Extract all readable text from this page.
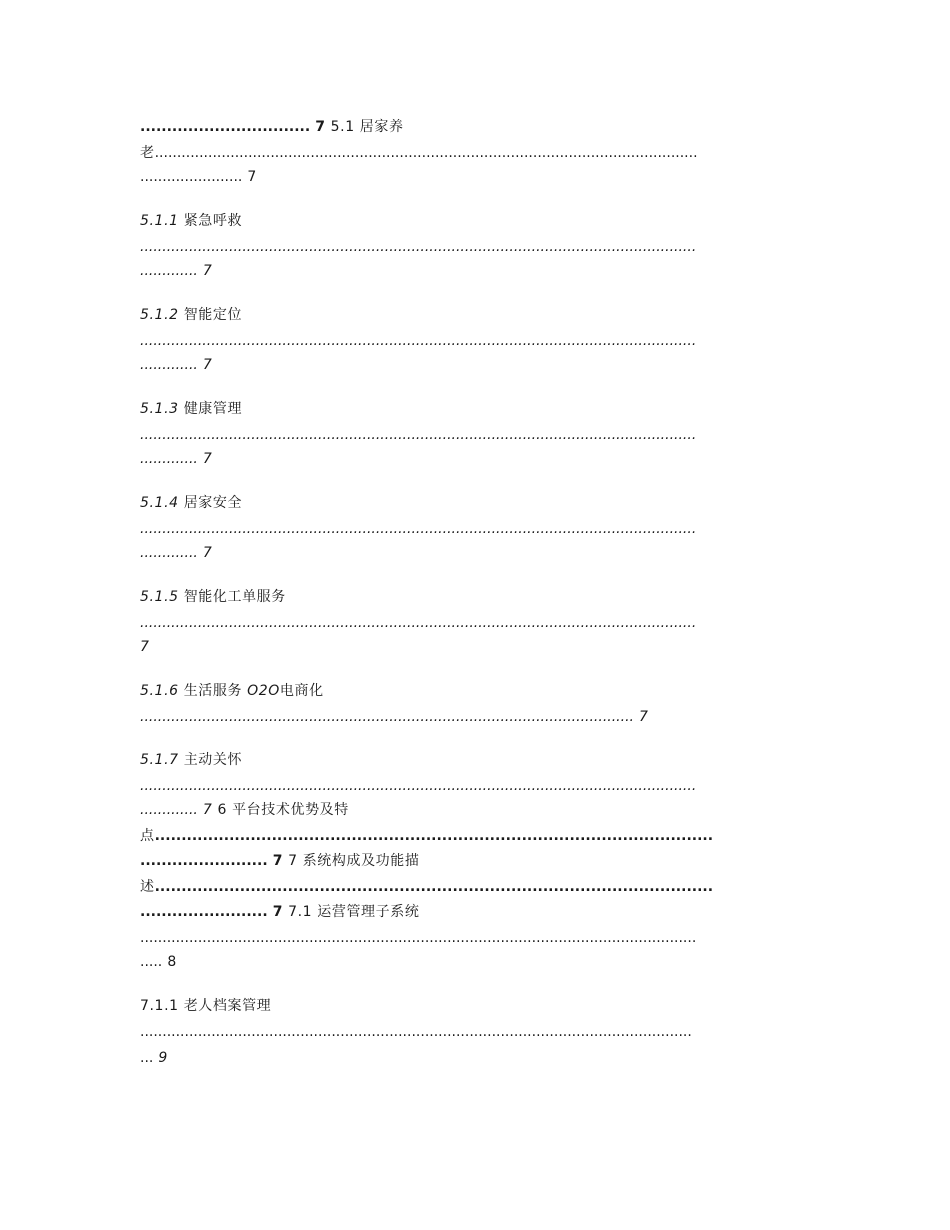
................................ 7 5.1 居家养
老..........................................................................................................................
....................... 7
5.1.1 紧急呼救
.............................................................................................................................
............. 7
5.1.2 智能定位
.............................................................................................................................
............. 7
5.1.3 健康管理
.............................................................................................................................
............. 7
5.1.4 居家安全
.............................................................................................................................
............. 7
5.1.5 智能化工单服务
.............................................................................................................................
7
5.1.6 生活服务 O2O电商化
............................................................................................................... 7
5.1.7 主动关怀
.............................................................................................................................
............. 7 6 平台技术优势及特
点.........................................................................................................
........................ 7 7 系统构成及功能描
述.........................................................................................................
........................ 7 7.1 运营管理子系统
.............................................................................................................................
..... 8
7.1.1 老人档案管理
............................................................................................................................
... 9
